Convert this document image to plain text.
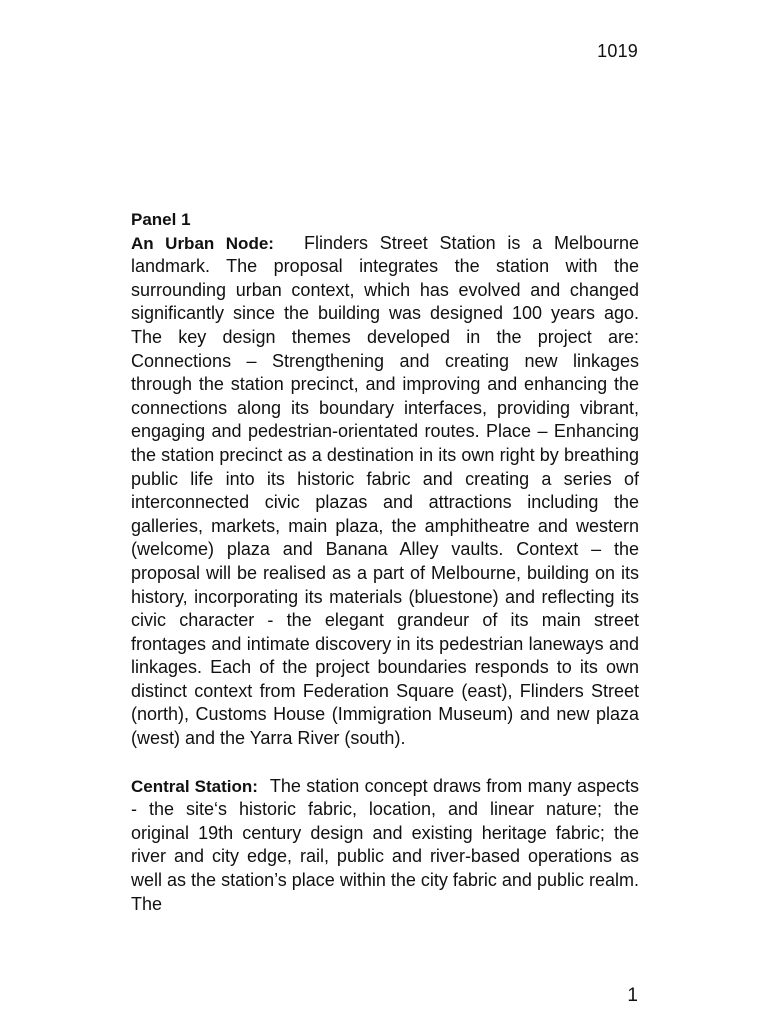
1019

Panel 1

An Urban Node: Flinders Street Station is a Melbourne landmark. The proposal integrates the station with the surrounding urban context, which has evolved and changed significantly since the building was designed 100 years ago. The key design themes developed in the project are: Connections – Strengthening and creating new linkages through the station precinct, and improving and enhancing the connections along its boundary interfaces, providing vibrant, engaging and pedestrian-orientated routes. Place – Enhancing the station precinct as a destination in its own right by breathing public life into its historic fabric and creating a series of interconnected civic plazas and attractions including the galleries, markets, main plaza, the amphitheatre and western (welcome) plaza and Banana Alley vaults. Context – the proposal will be realised as a part of Melbourne, building on its history, incorporating its materials (bluestone) and reflecting its civic character - the elegant grandeur of its main street frontages and intimate discovery in its pedestrian laneways and linkages. Each of the project boundaries responds to its own distinct context from Federation Square (east), Flinders Street (north), Customs House (Immigration Museum) and new plaza (west) and the Yarra River (south).

Central Station: The station concept draws from many aspects - the site‘s historic fabric, location, and linear nature; the original 19th century design and existing heritage fabric; the river and city edge, rail, public and river-based operations as well as the station’s place within the city fabric and public realm. The

1
